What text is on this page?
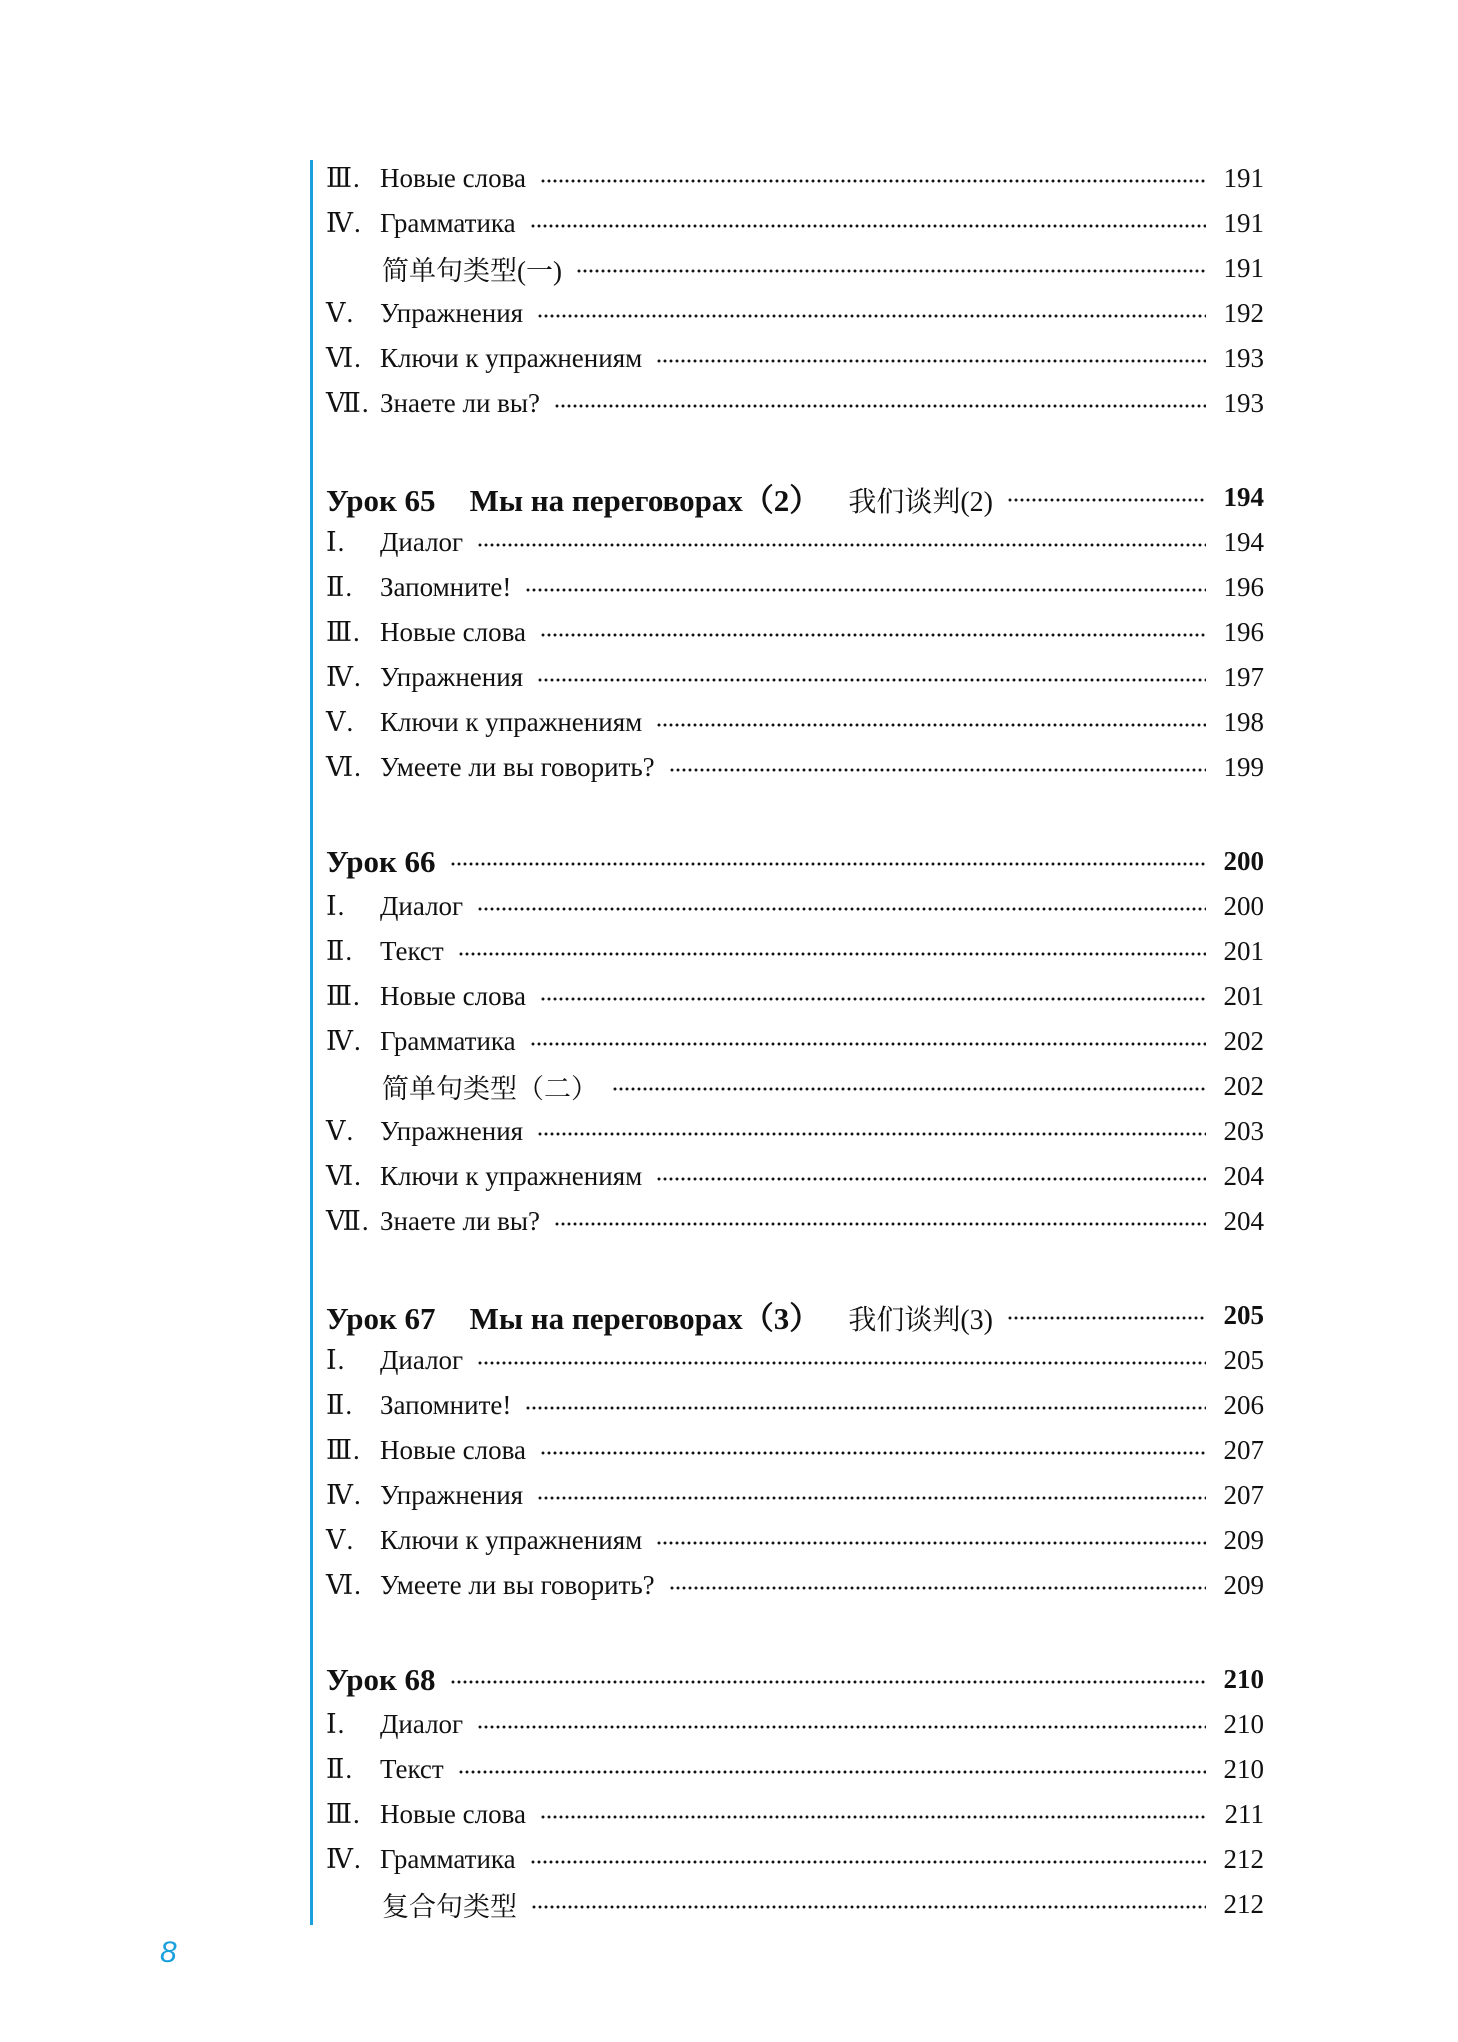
Ⅲ. Новые слова	191
Ⅳ. Грамматика	191
简单句类型(一)	191
Ⅴ. Упражнения	192
Ⅵ. Ключи к упражнениям	193
Ⅶ. Знаете ли вы?	193
Урок 65 Мы на переговорах（2） 我们谈判(2)	194
Ⅰ.	Диалог	194
Ⅱ. Запомните!	196
Ⅲ. Новые слова	196
Ⅳ. Упражнения	197
Ⅴ. Ключи к упражнениям	198
Ⅵ. Умеете ли вы говорить?	199
Урок 66	200
Ⅰ.	Диалог	200
Ⅱ. Текст	201
Ⅲ. Новые слова	201
Ⅳ. Грамматика	202
简单句类型（二）	202
Ⅴ. Упражнения	203
Ⅵ. Ключи к упражнениям	204
Ⅶ. Знаете ли вы?	204
Урок 67 Мы на переговорах（3） 我们谈判(3)	205
Ⅰ.	Диалог	205
Ⅱ. Запомните!	206
Ⅲ. Новые слова	207
Ⅳ. Упражнения	207
Ⅴ. Ключи к упражнениям	209
Ⅵ. Умеете ли вы говорить?	209
Урок 68	210
Ⅰ.	Диалог	210
Ⅱ. Текст	210
Ⅲ. Новые слова	211
Ⅳ. Грамматика	212
复合句类型	212
8
